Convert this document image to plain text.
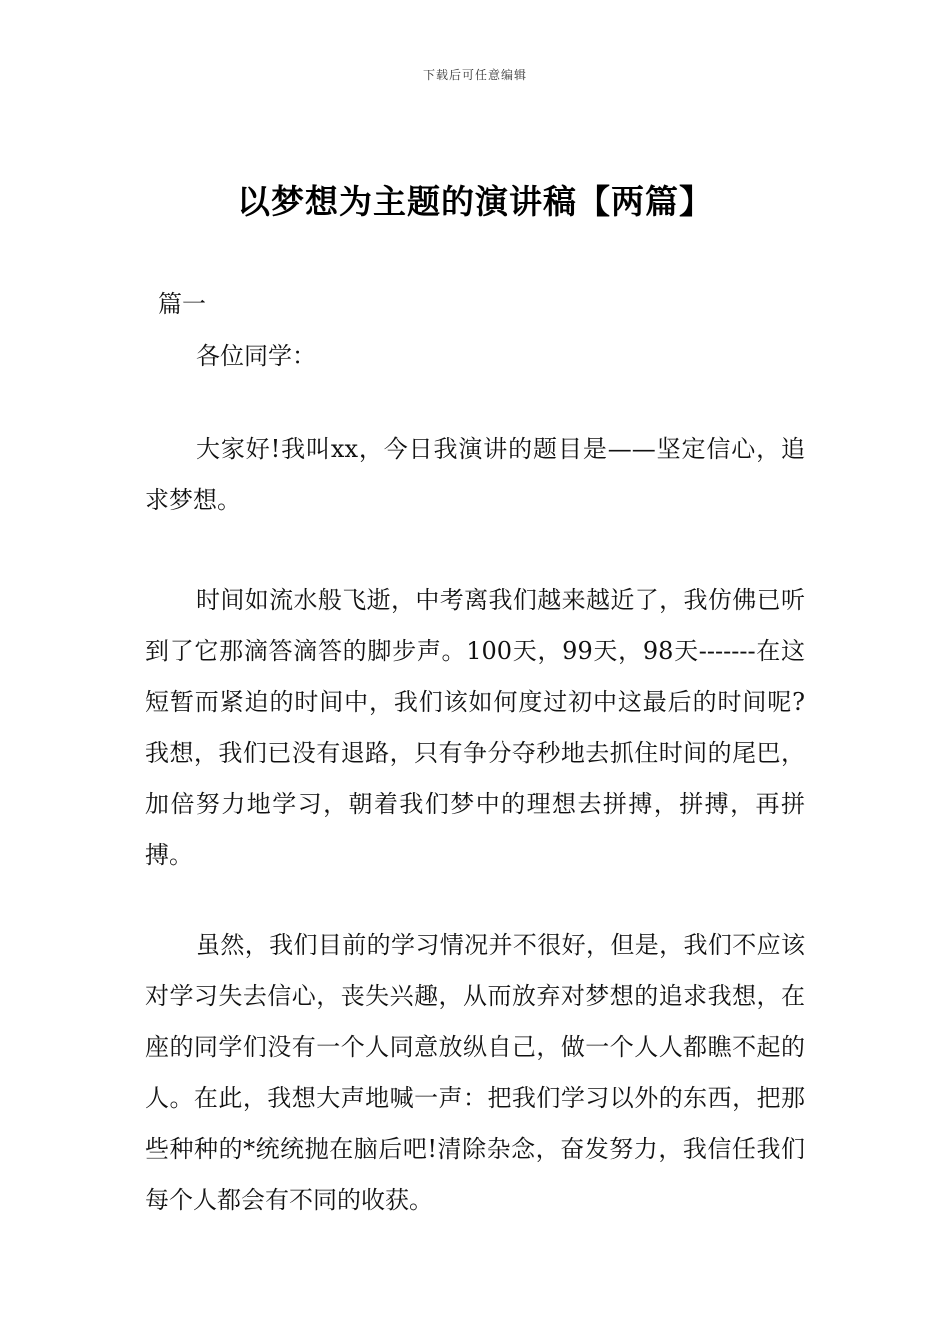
下载后可任意编辑
以梦想为主题的演讲稿【两篇】
篇一
各位同学：

大家好!我叫xx，今日我演讲的题目是——坚定信心，追求梦想。

时间如流水般飞逝，中考离我们越来越近了，我仿佛已听到了它那滴答滴答的脚步声。100天，99天，98天-------在这短暂而紧迫的时间中，我们该如何度过初中这最后的时间呢?我想，我们已没有退路，只有争分夺秒地去抓住时间的尾巴，加倍努力地学习，朝着我们梦中的理想去拼搏，拼搏，再拼搏。

虽然，我们目前的学习情况并不很好，但是，我们不应该对学习失去信心，丧失兴趣，从而放弃对梦想的追求我想，在座的同学们没有一个人同意放纵自己，做一个人人都瞧不起的人。在此，我想大声地喊一声：把我们学习以外的东西，把那些种种的*统统抛在脑后吧!清除杂念，奋发努力，我信任我们每个人都会有不同的收获。
